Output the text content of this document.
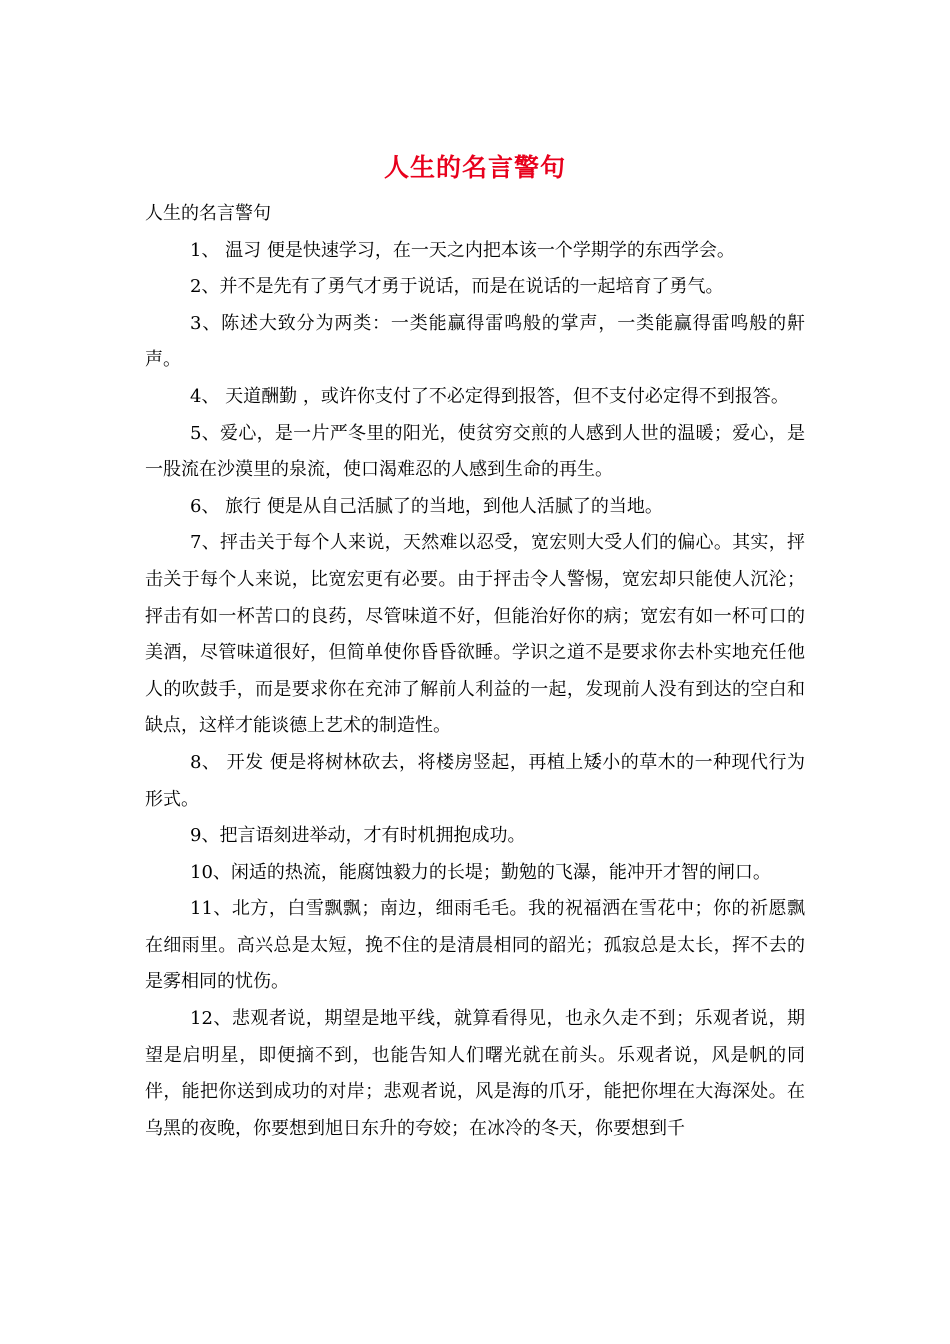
人生的名言警句

人生的名言警句

1、 温习 便是快速学习，在一天之内把本该一个学期学的东西学会。

2、并不是先有了勇气才勇于说话，而是在说话的一起培育了勇气。

3、陈述大致分为两类：一类能赢得雷鸣般的掌声，一类能赢得雷鸣般的鼾声。

4、 天道酬勤 ，或许你支付了不必定得到报答，但不支付必定得不到报答。

5、爱心，是一片严冬里的阳光，使贫穷交煎的人感到人世的温暖；爱心，是一股流在沙漠里的泉流，使口渴难忍的人感到生命的再生。

6、 旅行 便是从自己活腻了的当地，到他人活腻了的当地。

7、抨击关于每个人来说，天然难以忍受，宽宏则大受人们的偏心。其实，抨击关于每个人来说，比宽宏更有必要。由于抨击令人警惕，宽宏却只能使人沉沦；抨击有如一杯苦口的良药，尽管味道不好，但能治好你的病；宽宏有如一杯可口的美酒，尽管味道很好，但简单使你昏昏欲睡。学识之道不是要求你去朴实地充任他人的吹鼓手，而是要求你在充沛了解前人利益的一起，发现前人没有到达的空白和缺点，这样才能谈德上艺术的制造性。

8、 开发 便是将树林砍去，将楼房竖起，再植上矮小的草木的一种现代行为形式。

9、把言语刻进举动，才有时机拥抱成功。

10、闲适的热流，能腐蚀毅力的长堤；勤勉的飞瀑，能冲开才智的闸口。

11、北方，白雪飘飘；南边，细雨毛毛。我的祝福洒在雪花中；你的祈愿飘在细雨里。高兴总是太短，挽不住的是清晨相同的韶光；孤寂总是太长，挥不去的是雾相同的忧伤。

12、悲观者说，期望是地平线，就算看得见，也永久走不到；乐观者说，期望是启明星，即便摘不到，也能告知人们曙光就在前头。乐观者说，风是帆的同伴，能把你送到成功的对岸；悲观者说，风是海的爪牙，能把你埋在大海深处。在乌黑的夜晚，你要想到旭日东升的夸姣；在冰冷的冬天，你要想到千
